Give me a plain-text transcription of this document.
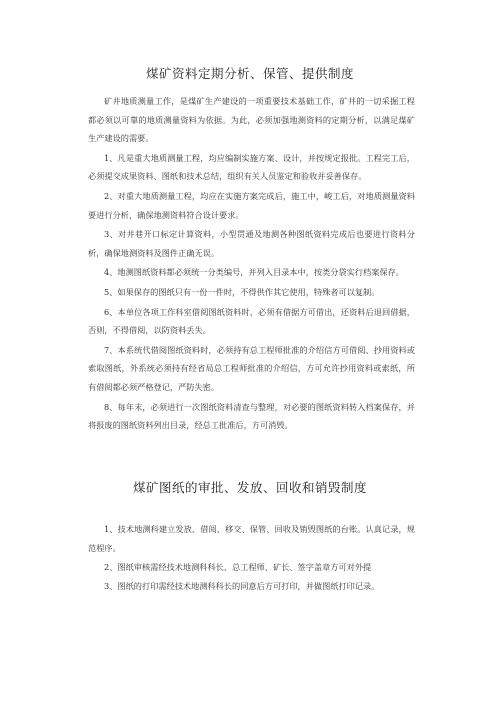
煤矿资料定期分析、保管、提供制度

矿井地质测量工作，是煤矿生产建设的一项重要技术基础工作，矿井的一切采掘工程都必须以可靠的地质测量资料为依据。为此，必须加强地测资料的定期分析，以满足煤矿生产建设的需要。

1、凡是重大地质测量工程，均应编制实施方案、设计，并按规定报批。工程完工后，必须提交成果资料、图纸和技术总结，组织有关人员鉴定和验收并妥善保存。

2、对重大地质测量工程，均应在实施方案完成后，施工中，峻工后，对地质测量资料要进行分析，确保地测资料符合设计要求。

3、对井巷开口标定计算资料，小型贯通及地测各种图纸资料完成后也要进行资料分析，确保地测资料及图件正确无误。

4、地测图纸资料都必须统一分类编号，并列入目录本中，按类分袋实行档案保存。

5、如果保存的图纸只有一份一件时，不得供作其它使用，特殊者可以复制。

6、本单位各项工作科室借阅图纸资料时，必须有借据方可借出，还资料后退回借据，否则，不得借阅，以防资料丢失。

7、本系统代借阅图纸资料时，必须持有总工程师批准的介绍信方可借阅、抄用资料或索取图纸，外系统必须持有经省局总工程师批准的介绍信，方可允许抄用资料或索纸，所有借阅都必须严格登记，严防失密。

8、每年末，必须进行一次图纸资料清查与整理，对必要的图纸资料转入档案保存，并将报废的图纸资料列出目录，经总工批准后，方可消毁。

煤矿图纸的审批、发放、回收和销毁制度

1、技术地测科建立发放、借阅、移交、保管、回收及销毁图纸的台账。认真记录，规范程序。

2、图纸审核需经技术地测科科长、总工程师、矿长、签字盖章方可对外提

3、图纸的打印需经技术地测科科长的同意后方可打印，并做图纸打印记录。
